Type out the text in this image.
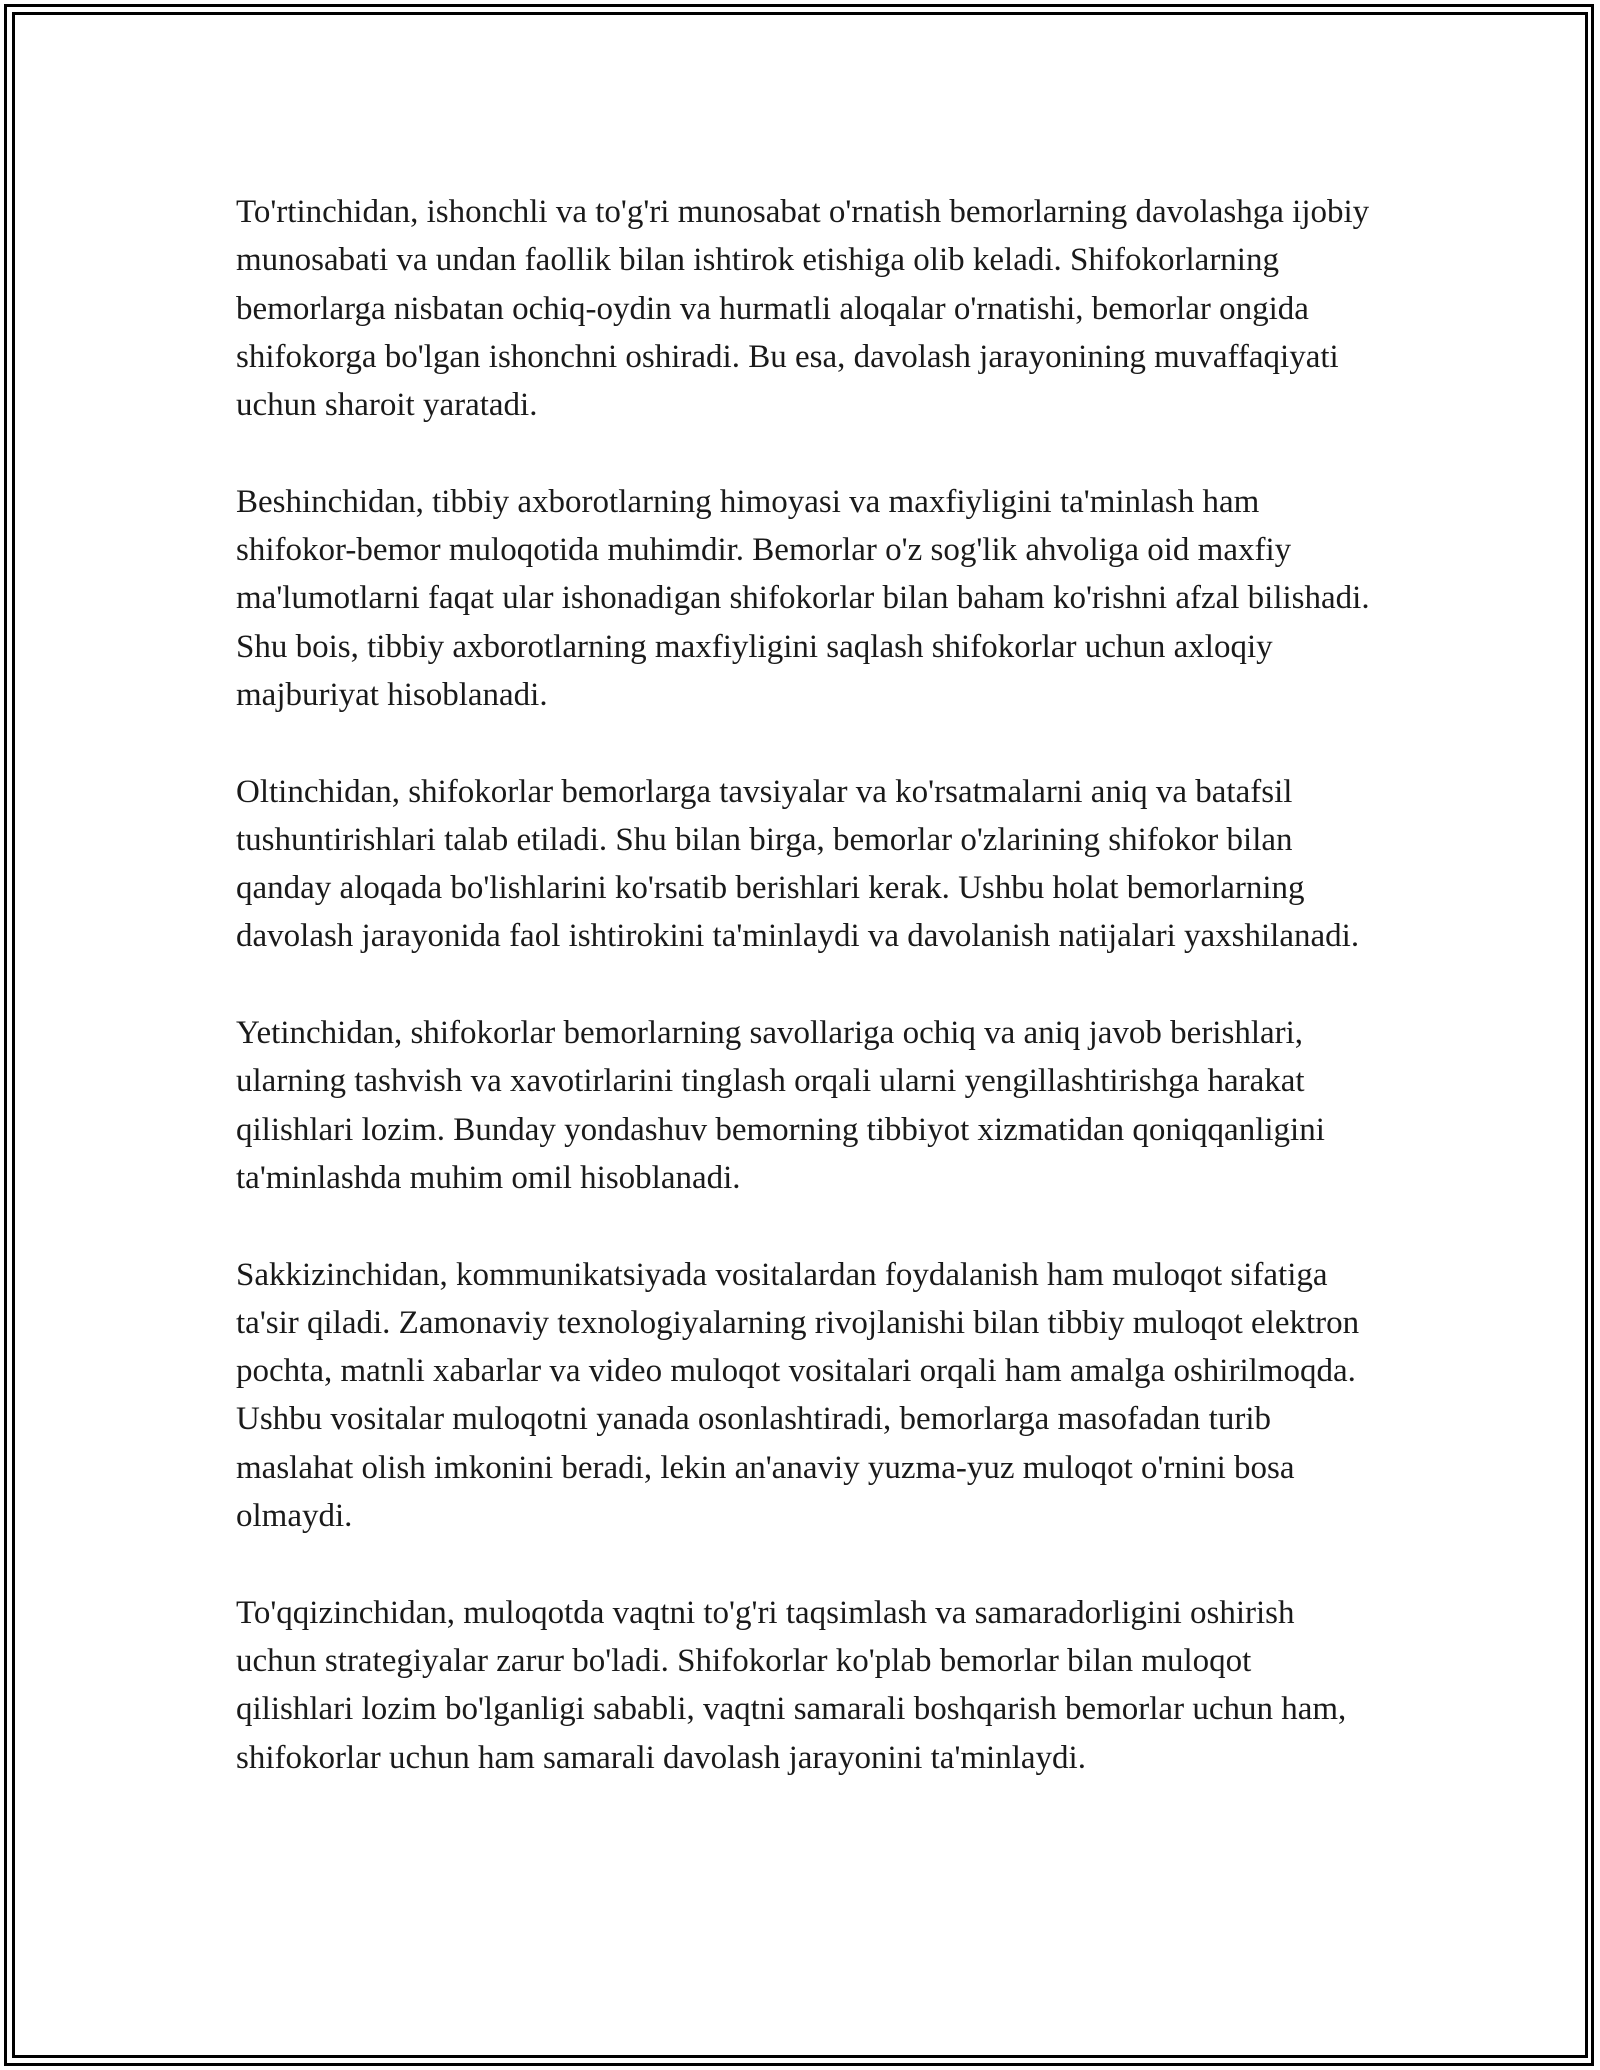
To'rtinchidan, ishonchli va to'g'ri munosabat o'rnatish bemorlarning davolashga ijobiy munosabati va undan faollik bilan ishtirok etishiga olib keladi. Shifokorlarning bemorlarga nisbatan ochiq-oydin va hurmatli aloqalar o'rnatishi, bemorlar ongida shifokorga bo'lgan ishonchni oshiradi. Bu esa, davolash jarayonining muvaffaqiyati uchun sharoit yaratadi.

Beshinchidan, tibbiy axborotlarning himoyasi va maxfiyligini ta'minlash ham shifokor-bemor muloqotida muhimdir. Bemorlar o'z sog'lik ahvoliga oid maxfiy ma'lumotlarni faqat ular ishonadigan shifokorlar bilan baham ko'rishni afzal bilishadi. Shu bois, tibbiy axborotlarning maxfiyligini saqlash shifokorlar uchun axloqiy majburiyat hisoblanadi.

Oltinchidan, shifokorlar bemorlarga tavsiyalar va ko'rsatmalarni aniq va batafsil tushuntirishlari talab etiladi. Shu bilan birga, bemorlar o'zlarining shifokor bilan qanday aloqada bo'lishlarini ko'rsatib berishlari kerak. Ushbu holat bemorlarning davolash jarayonida faol ishtirokini ta'minlaydi va davolanish natijalari yaxshilanadi.

Yetinchidan, shifokorlar bemorlarning savollariga ochiq va aniq javob berishlari, ularning tashvish va xavotirlarini tinglash orqali ularni yengillashtirishga harakat qilishlari lozim. Bunday yondashuv bemorning tibbiyot xizmatidan qoniqqanligini ta'minlashda muhim omil hisoblanadi.

Sakkizinchidan, kommunikatsiyada vositalardan foydalanish ham muloqot sifatiga ta'sir qiladi. Zamonaviy texnologiyalarning rivojlanishi bilan tibbiy muloqot elektron pochta, matnli xabarlar va video muloqot vositalari orqali ham amalga oshirilmoqda. Ushbu vositalar muloqotni yanada osonlashtiradi, bemorlarga masofadan turib maslahat olish imkonini beradi, lekin an'anaviy yuzma-yuz muloqot o'rnini bosa olmaydi.

To'qqizinchidan, muloqotda vaqtni to'g'ri taqsimlash va samaradorligini oshirish uchun strategiyalar zarur bo'ladi. Shifokorlar ko'plab bemorlar bilan muloqot qilishlari lozim bo'lganligi sababli, vaqtni samarali boshqarish bemorlar uchun ham, shifokorlar uchun ham samarali davolash jarayonini ta'minlaydi.
